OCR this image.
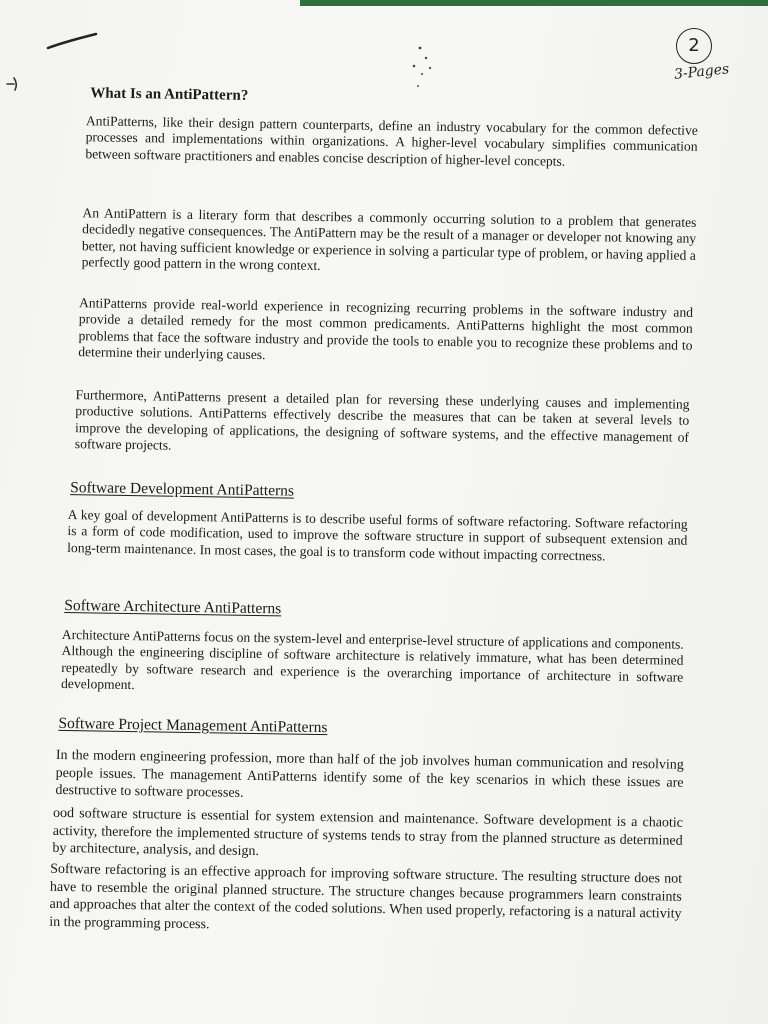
2
3-Pages
What Is an AntiPattern?

AntiPatterns, like their design pattern counterparts, define an industry vocabulary for the common defective processes and implementations within organizations. A higher-level vocabulary simplifies communication between software practitioners and enables concise description of higher-level concepts.

An AntiPattern is a literary form that describes a commonly occurring solution to a problem that generates decidedly negative consequences. The AntiPattern may be the result of a manager or developer not knowing any better, not having sufficient knowledge or experience in solving a particular type of problem, or having applied a perfectly good pattern in the wrong context.

AntiPatterns provide real-world experience in recognizing recurring problems in the software industry and provide a detailed remedy for the most common predicaments. AntiPatterns highlight the most common problems that face the software industry and provide the tools to enable you to recognize these problems and to determine their underlying causes.

Furthermore, AntiPatterns present a detailed plan for reversing these underlying causes and implementing productive solutions. AntiPatterns effectively describe the measures that can be taken at several levels to improve the developing of applications, the designing of software systems, and the effective management of software projects.

Software Development AntiPatterns

A key goal of development AntiPatterns is to describe useful forms of software refactoring. Software refactoring is a form of code modification, used to improve the software structure in support of subsequent extension and long-term maintenance. In most cases, the goal is to transform code without impacting correctness.

Software Architecture AntiPatterns

Architecture AntiPatterns focus on the system-level and enterprise-level structure of applications and components. Although the engineering discipline of software architecture is relatively immature, what has been determined repeatedly by software research and experience is the overarching importance of architecture in software development.

Software Project Management AntiPatterns

In the modern engineering profession, more than half of the job involves human communication and resolving people issues. The management AntiPatterns identify some of the key scenarios in which these issues are destructive to software processes.

ood software structure is essential for system extension and maintenance. Software development is a chaotic activity, therefore the implemented structure of systems tends to stray from the planned structure as determined by architecture, analysis, and design.

Software refactoring is an effective approach for improving software structure. The resulting structure does not have to resemble the original planned structure. The structure changes because programmers learn constraints and approaches that alter the context of the coded solutions. When used properly, refactoring is a natural activity in the programming process.
